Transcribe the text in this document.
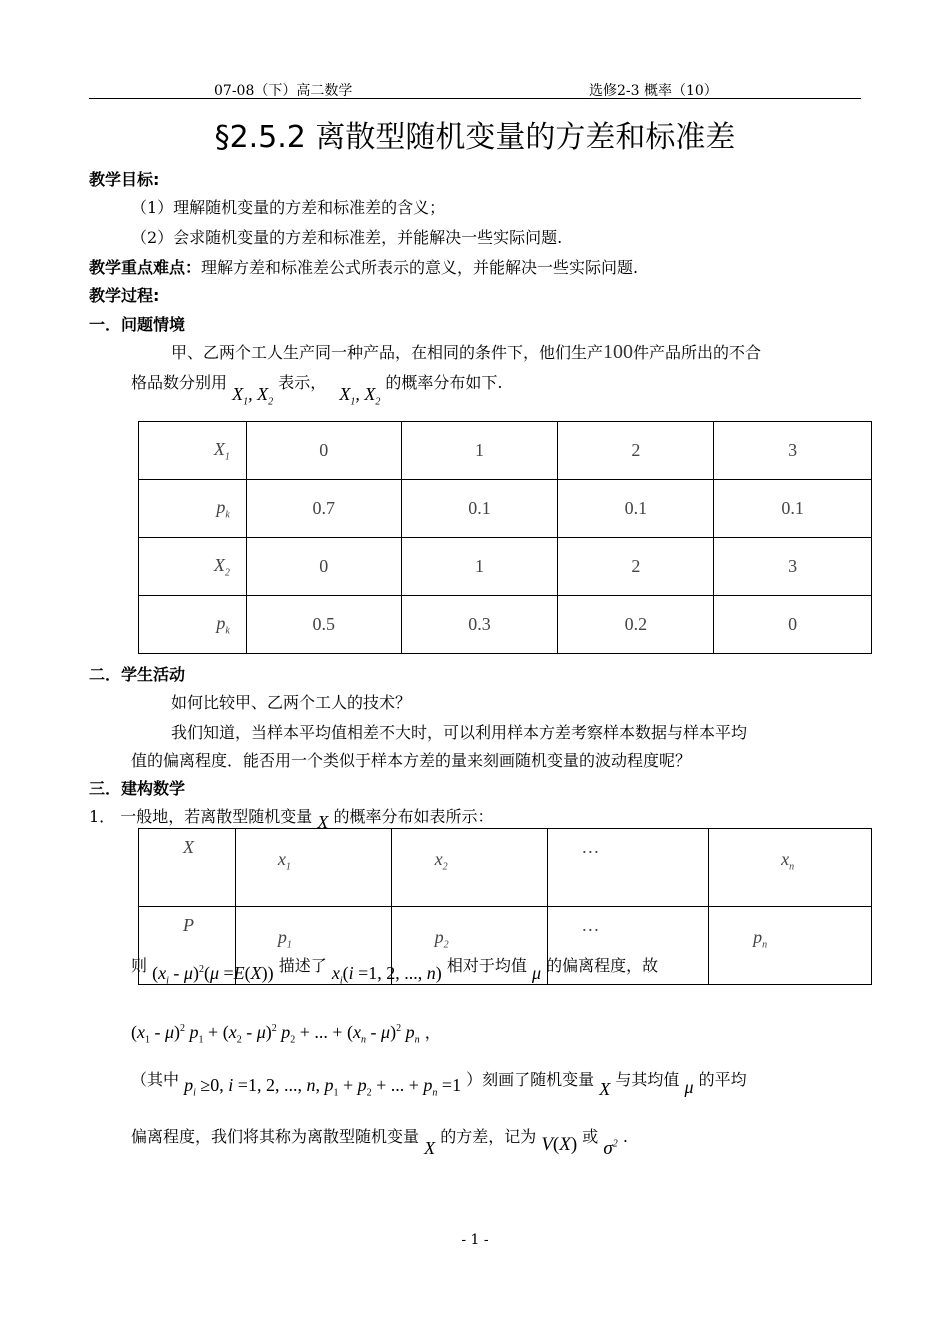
07-08（下）高二数学	选修2-3 概率（10）
§2.5.2 离散型随机变量的方差和标准差
教学目标:
（1）理解随机变量的方差和标准差的含义；
（2）会求随机变量的方差和标准差，并能解决一些实际问题.
教学重点难点：理解方差和标准差公式所表示的意义，并能解决一些实际问题.
教学过程:
一．问题情境
甲、乙两个工人生产同一种产品，在相同的条件下，他们生产100件产品所出的不合
格品数分别用 $X_1$, $X_2$ 表示， $X_1$, $X_2$ 的概率分布如下.
$X_1$	0	1	2	3
$p_k$	0.7	0.1	0.1	0.1
$X_2$	0	1	2	3
$p_k$	0.5	0.3	0.2	0
二．学生活动
如何比较甲、乙两个工人的技术？
我们知道，当样本平均值相差不大时，可以利用样本方差考察样本数据与样本平均
值的偏离程度．能否用一个类似于样本方差的量来刻画随机变量的波动程度呢？
三．建构数学
1． 一般地，若离散型随机变量 X 的概率分布如表所示：
X	$x_1$	$x_2$	…	$x_n$
P	$p_1$	$p_2$	…	$p_n$
则 $(x_i - \mu)^2(\mu =E(X))$ 描述了 $x_i(i =1$, 2, ..., n) 相对于均值 μ 的偏离程度，故
$(x_1 - \mu)^2$ $p_1 + (x_2 - \mu)^2$ $p_2$ + ... + $(x_n - \mu)^2$ $p_n$ ，
（其中 $p_i \ge 0$, i =1, 2, ..., n, $p_1 + p_2$ + ... + $p_n =1$ ）刻画了随机变量 X 与其均值 μ 的平均
偏离程度，我们将其称为离散型随机变量 X 的方差，记为 V(X) 或 $\sigma^2$ .
- 1 -
